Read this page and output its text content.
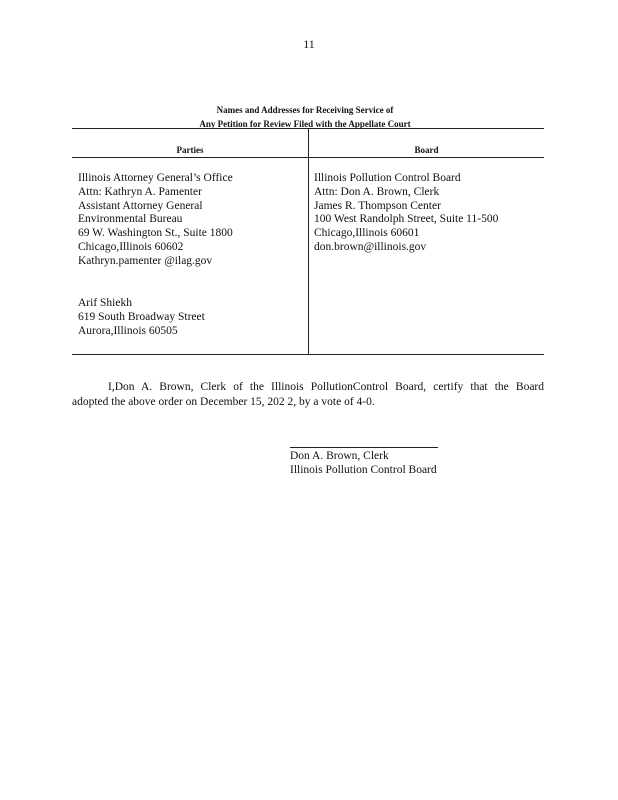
11
Names and Addresses for Receiving Service of
Any Petition for Review Filed with the Appellate Court
Parties	Board
Illinois Attorney General’s Office
Attn: Kathryn A. Pamenter
Assistant Attorney General
Environmental Bureau
69 W. Washington St., Suite 1800
Chicago,Illinois 60602
Kathryn.pamenter @ilag.gov
Arif Shiekh
619 South Broadway Street
Aurora,Illinois 60505
Illinois Pollution Control Board
Attn: Don A. Brown, Clerk
James R. Thompson Center
100 West Randolph Street, Suite 11-500
Chicago,Illinois 60601
don.brown@illinois.gov
I,Don A. Brown, Clerk of the Illinois PollutionControl Board, certify that the Board
adopted the above order on December 15, 202 2, by a vote of 4-0.
Don A. Brown, Clerk
Illinois Pollution Control Board
